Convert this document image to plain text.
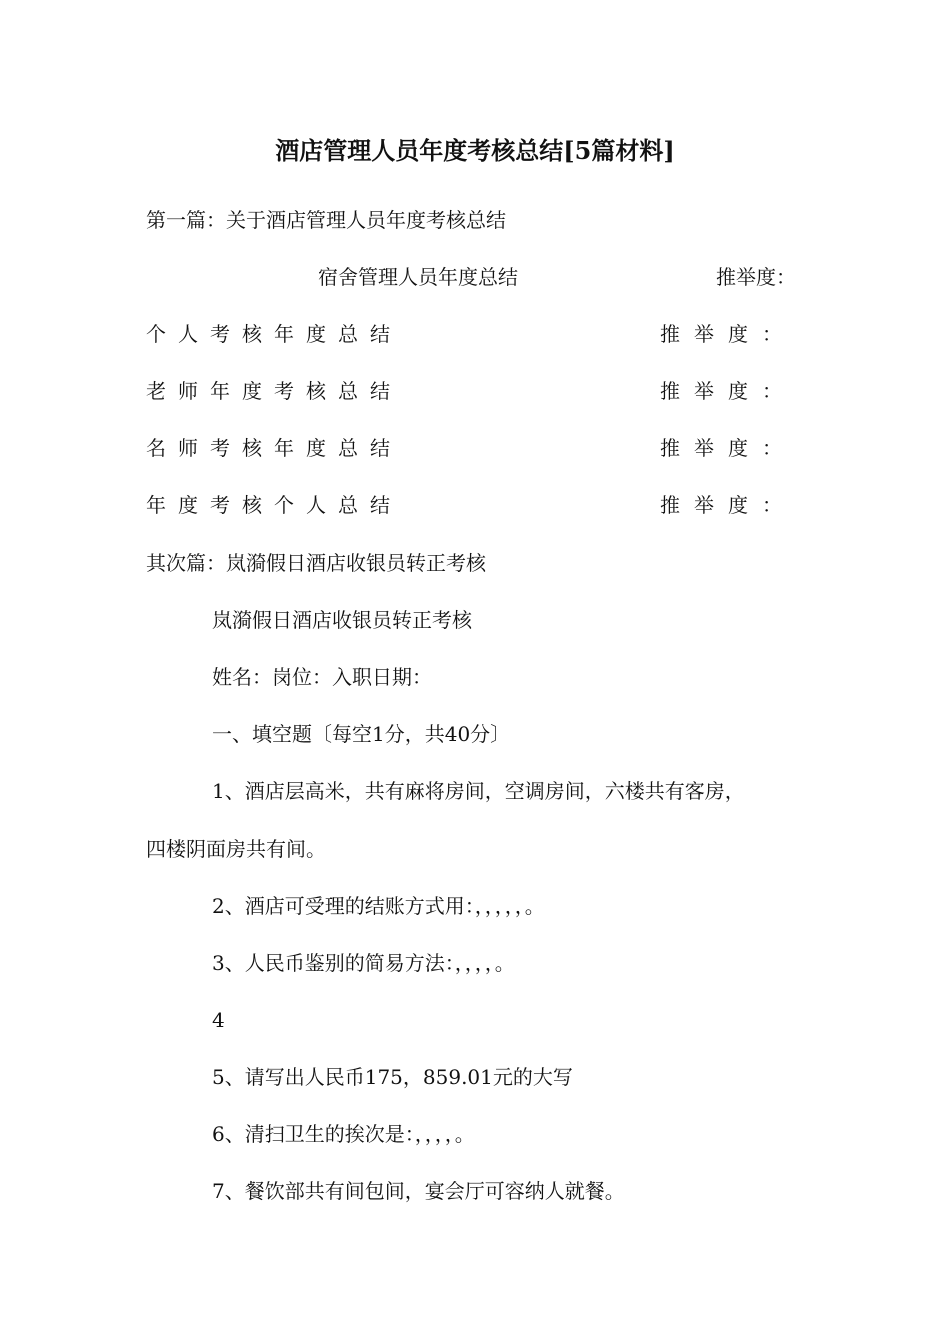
酒店管理人员年度考核总结[5篇材料]
第一篇：关于酒店管理人员年度考核总结
宿舍管理人员年度总结	推举度：
个人考核年度总结	推举度：
老师年度考核总结	推举度：
名师考核年度总结	推举度：
年度考核个人总结	推举度：
其次篇：岚漪假日酒店收银员转正考核
岚漪假日酒店收银员转正考核
姓名：岗位：入职日期：
一、填空题〔每空1分，共40分〕
1、酒店层高米，共有麻将房间，空调房间，六楼共有客房，
四楼阴面房共有间。
2、酒店可受理的结账方式用：，，，，，。
3、人民币鉴别的简易方法：，，，，。
4
5、请写出人民币175，859.01元的大写
6、清扫卫生的挨次是：，，，，。
7、餐饮部共有间包间，宴会厅可容纳人就餐。
